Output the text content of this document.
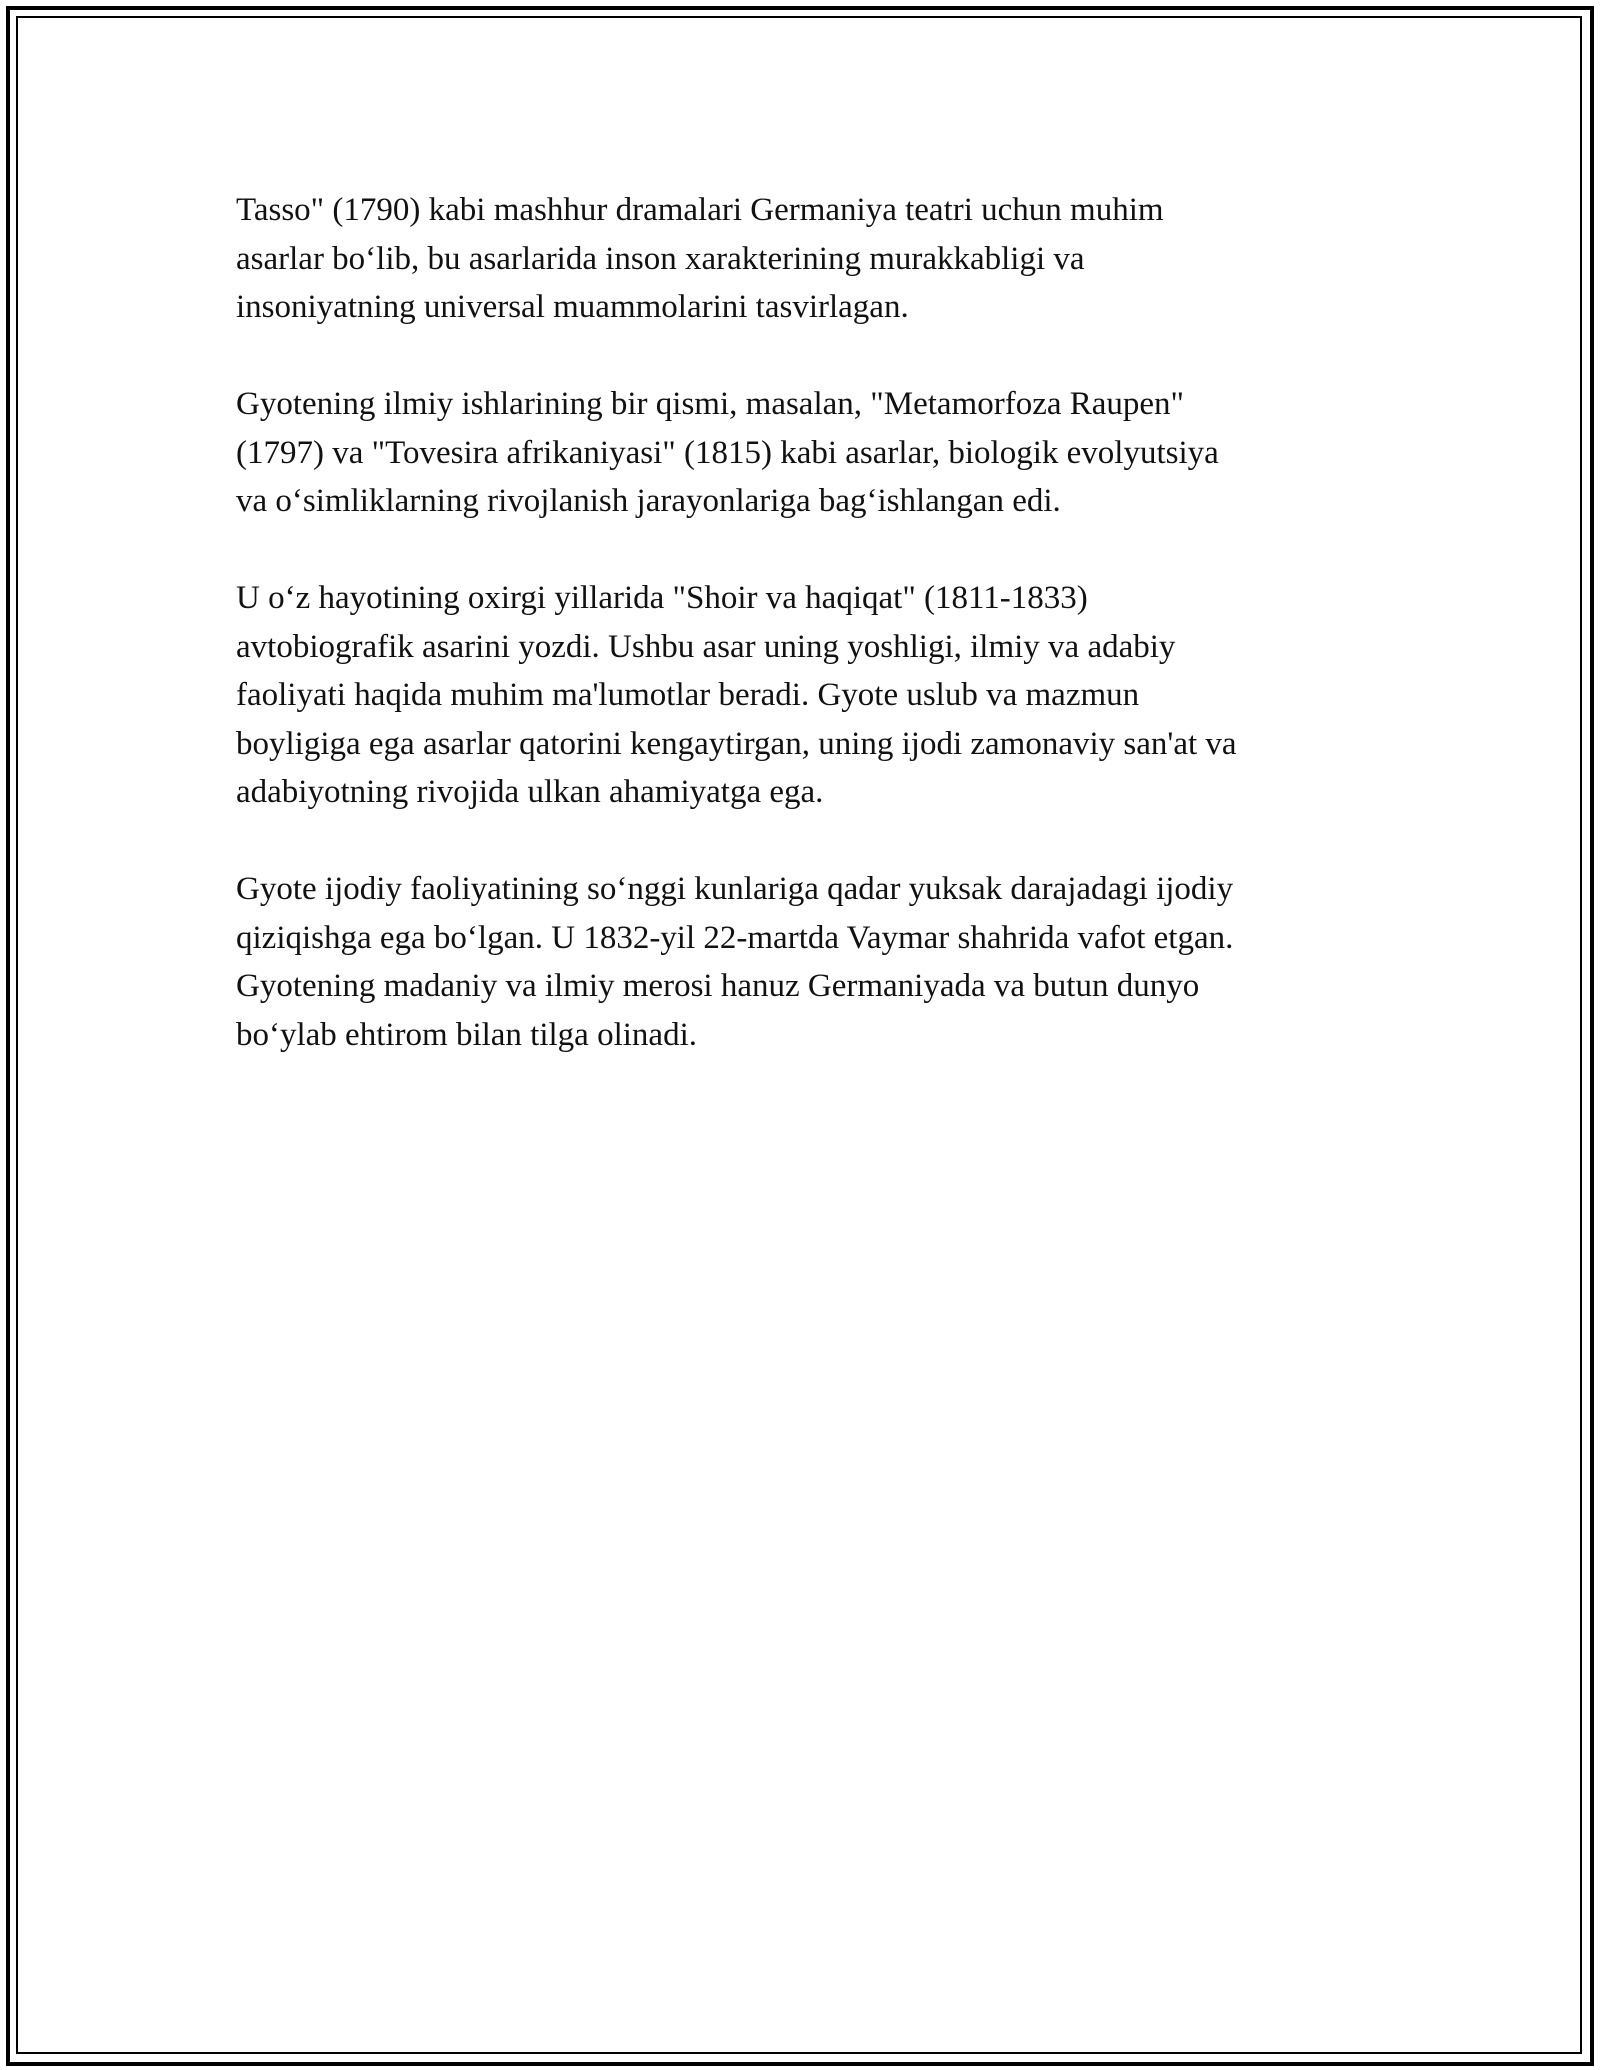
Tasso" (1790) kabi mashhur dramalari Germaniya teatri uchun muhim
asarlar bo‘lib, bu asarlarida inson xarakterining murakkabligi va
insoniyatning universal muammolarini tasvirlagan.

Gyotening ilmiy ishlarining bir qismi, masalan, "Metamorfoza Raupen"
(1797) va "Tovesira afrikaniyasi" (1815) kabi asarlar, biologik evolyutsiya
va o‘simliklarning rivojlanish jarayonlariga bag‘ishlangan edi.

U o‘z hayotining oxirgi yillarida "Shoir va haqiqat" (1811-1833)
avtobiografik asarini yozdi. Ushbu asar uning yoshligi, ilmiy va adabiy
faoliyati haqida muhim ma'lumotlar beradi. Gyote uslub va mazmun
boyligiga ega asarlar qatorini kengaytirgan, uning ijodi zamonaviy san'at va
adabiyotning rivojida ulkan ahamiyatga ega.

Gyote ijodiy faoliyatining so‘nggi kunlariga qadar yuksak darajadagi ijodiy
qiziqishga ega bo‘lgan. U 1832-yil 22-martda Vaymar shahrida vafot etgan.
Gyotening madaniy va ilmiy merosi hanuz Germaniyada va butun dunyo
bo‘ylab ehtirom bilan tilga olinadi.
